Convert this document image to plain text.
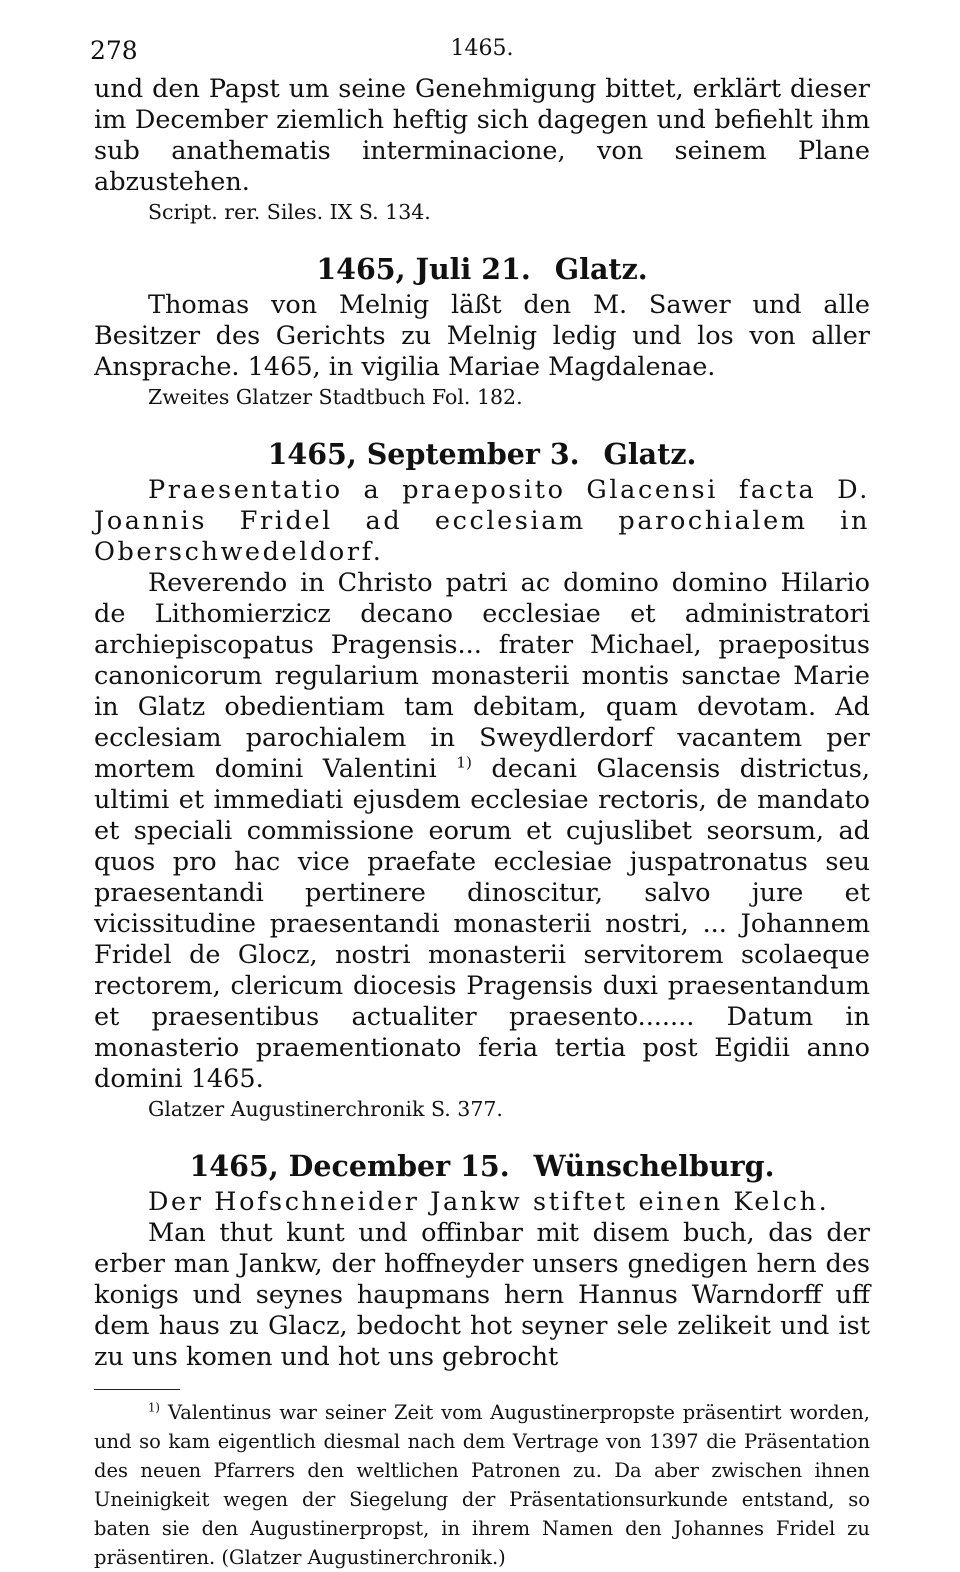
278	1465.

und den Papst um seine Genehmigung bittet, erklärt dieser im December ziemlich heftig sich dagegen und befiehlt ihm sub anathematis interminacione, von seinem Plane abzustehen.

Script. rer. Siles. IX S. 134.

1465, Juli 21. Glatz.

Thomas von Melnig läßt den M. Sawer und alle Besitzer des Gerichts zu Melnig ledig und los von aller Ansprache. 1465, in vigilia Mariae Magdalenae.

Zweites Glatzer Stadtbuch Fol. 182.

1465, September 3. Glatz.

Praesentatio a praeposito Glacensi facta D. Joannis Fridel ad ecclesiam parochialem in Oberschwedeldorf.

Reverendo in Christo patri ac domino domino Hilario de Lithomierzicz decano ecclesiae et administratori archiepiscopatus Pragensis... frater Michael, praepositus canonicorum regularium monasterii montis sanctae Marie in Glatz obedientiam tam debitam, quam devotam. Ad ecclesiam parochialem in Sweydlerdorf vacantem per mortem domini Valentini $^{1)}$ decani Glacensis districtus, ultimi et immediati ejusdem ecclesiae rectoris, de mandato et speciali commissione eorum et cujuslibet seorsum, ad quos pro hac vice praefate ecclesiae juspatronatus seu praesentandi pertinere dinoscitur, salvo jure et vicissitudine praesentandi monasterii nostri, ... Johannem Fridel de Glocz, nostri monasterii servitorem scolaeque rectorem, clericum diocesis Pragensis duxi praesentandum et praesentibus actualiter praesento....... Datum in monasterio praementionato feria tertia post Egidii anno domini 1465.

Glatzer Augustinerchronik S. 377.

1465, December 15. Wünschelburg.

Der Hofschneider Jankw stiftet einen Kelch.

Man thut kunt und offinbar mit disem buch, das der erber man Jankw, der hoffneyder unsers gnedigen hern des konigs und seynes haupmans hern Hannus Warndorff uff dem haus zu Glacz, bedocht hot seyner sele zelikeit und ist zu uns komen und hot uns gebrocht

$^{1)}$ Valentinus war seiner Zeit vom Augustinerpropste präsentirt worden, und so kam eigentlich diesmal nach dem Vertrage von 1397 die Präsentation des neuen Pfarrers den weltlichen Patronen zu. Da aber zwischen ihnen Uneinigkeit wegen der Siegelung der Präsentationsurkunde entstand, so baten sie den Augustinerpropst, in ihrem Namen den Johannes Fridel zu präsentiren. (Glatzer Augustinerchronik.)
